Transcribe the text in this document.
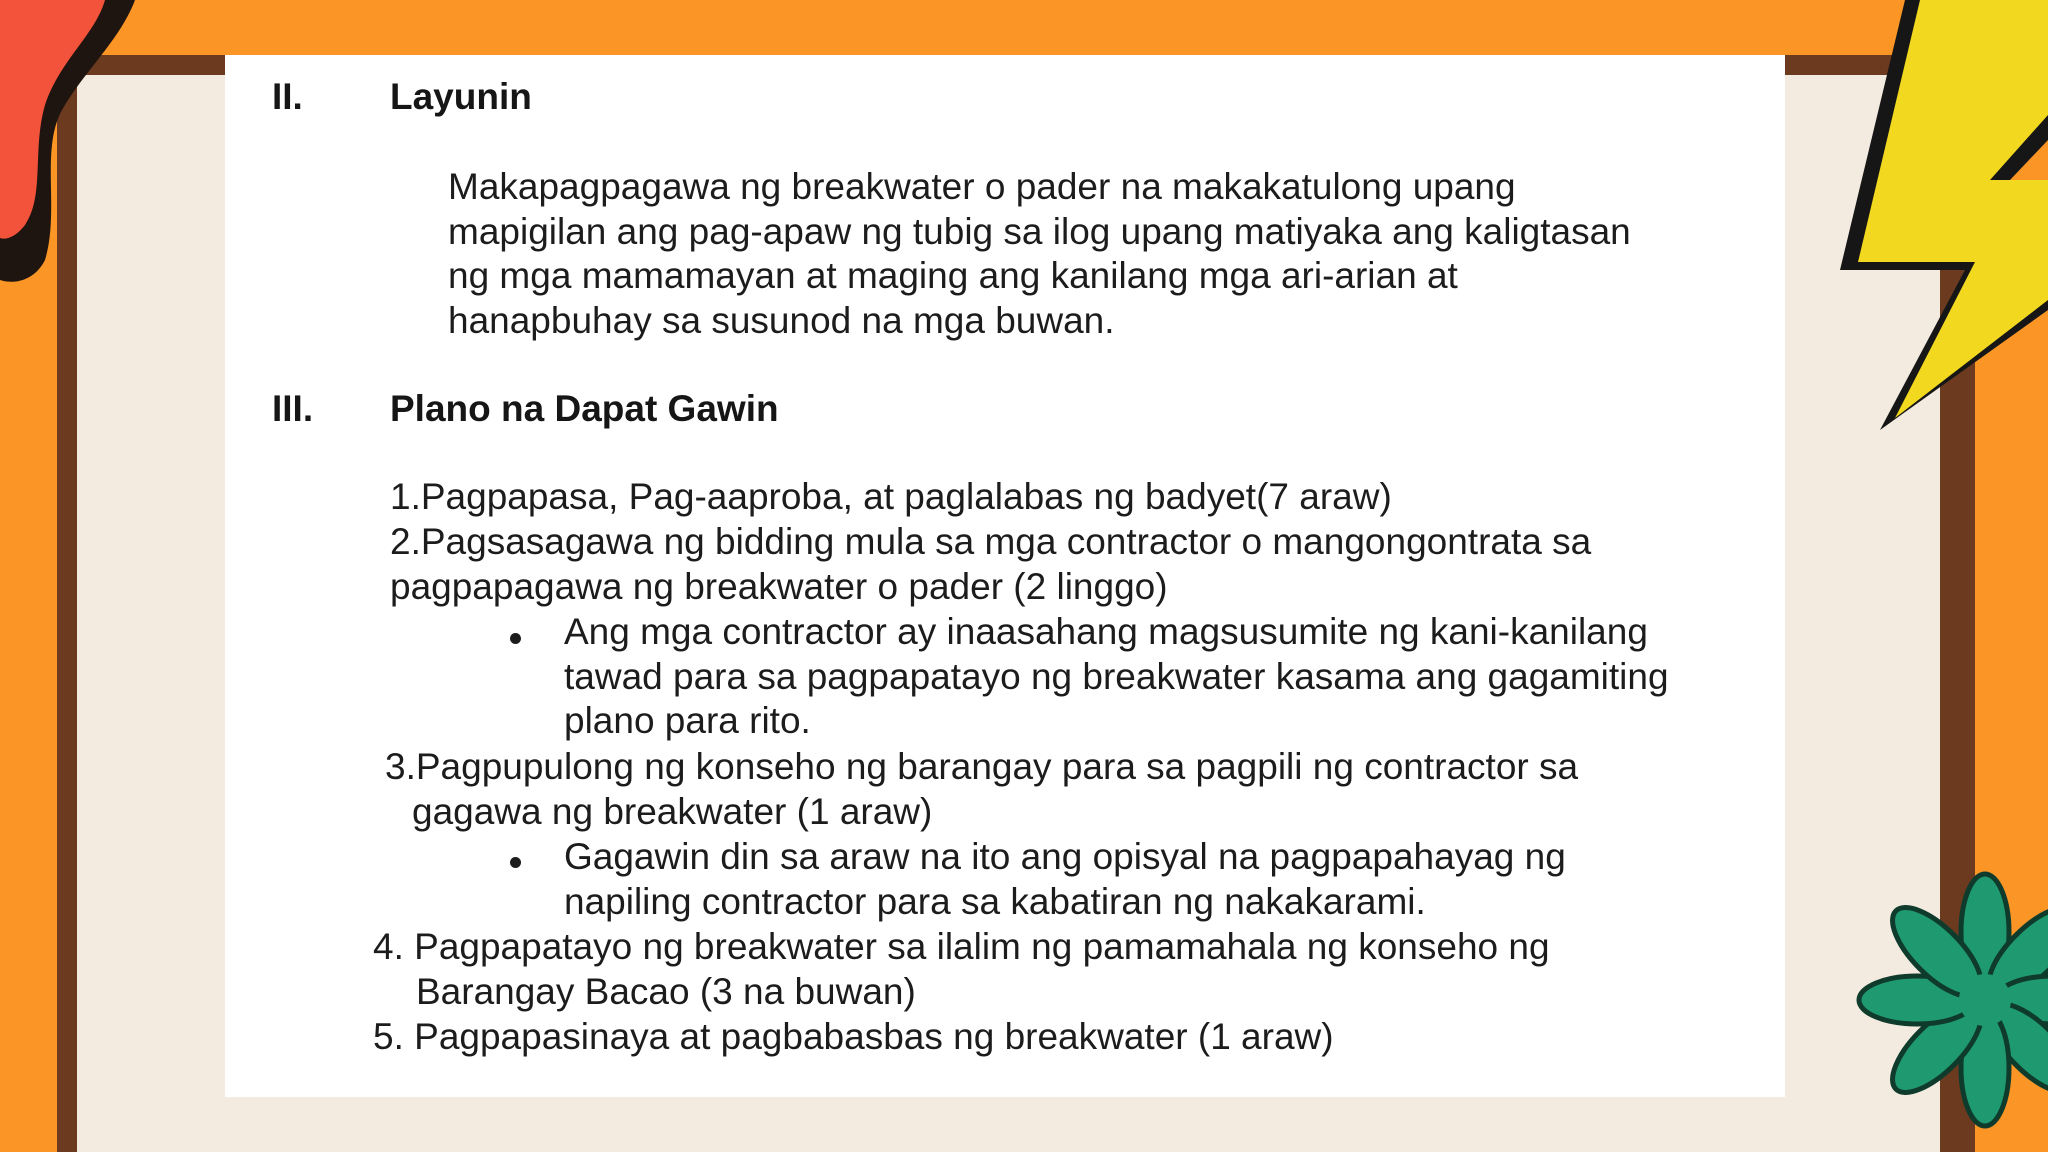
II. Layunin
Makapagpagawa ng breakwater o pader na makakatulong upang
mapigilan ang pag-apaw ng tubig sa ilog upang matiyaka ang kaligtasan
ng mga mamamayan at maging ang kanilang mga ari-arian at
hanapbuhay sa susunod na mga buwan.
III. Plano na Dapat Gawin
1.Pagpapasa, Pag-aaproba, at paglalabas ng badyet(7 araw)
2.Pagsasagawa ng bidding mula sa mga contractor o mangongontrata sa
pagpapagawa ng breakwater o pader (2 linggo)
Ang mga contractor ay inaasahang magsusumite ng kani-kanilang
tawad para sa pagpapatayo ng breakwater kasama ang gagamiting
plano para rito.
3.Pagpupulong ng konseho ng barangay para sa pagpili ng contractor sa
gagawa ng breakwater (1 araw)
Gagawin din sa araw na ito ang opisyal na pagpapahayag ng
napiling contractor para sa kabatiran ng nakakarami.
4. Pagpapatayo ng breakwater sa ilalim ng pamamahala ng konseho ng
Barangay Bacao (3 na buwan)
5. Pagpapasinaya at pagbabasbas ng breakwater (1 araw)
